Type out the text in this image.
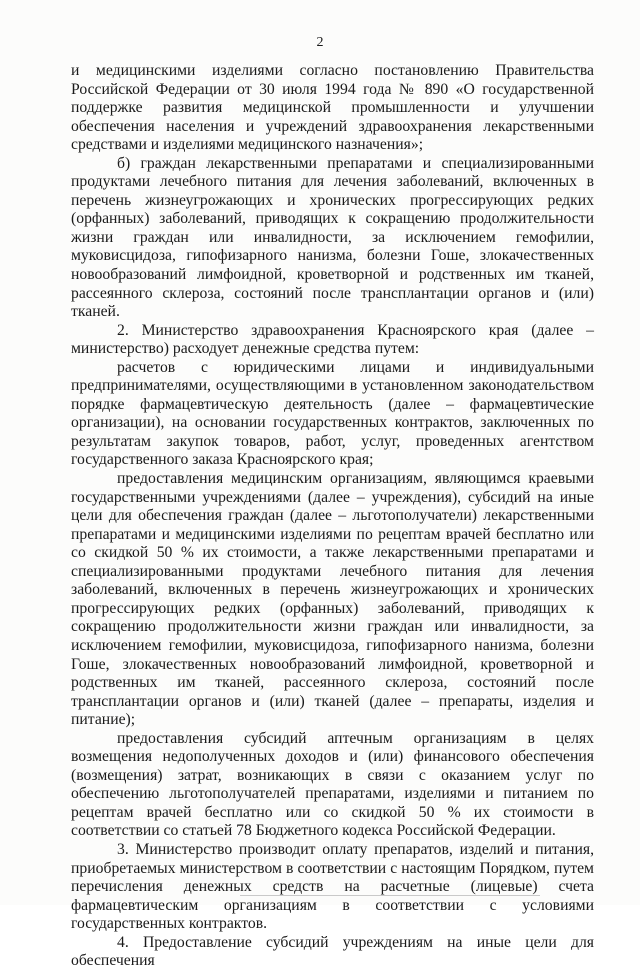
2

и медицинскими изделиями согласно постановлению Правительства Российской Федерации от 30 июля 1994 года № 890 «О государственной поддержке развития медицинской промышленности и улучшении обеспечения населения и учреждений здравоохранения лекарственными средствами и изделиями медицинского назначения»;

б) граждан лекарственными препаратами и специализированными продуктами лечебного питания для лечения заболеваний, включенных в перечень жизнеугрожающих и хронических прогрессирующих редких (орфанных) заболеваний, приводящих к сокращению продолжительности жизни граждан или инвалидности, за исключением гемофилии, муковисцидоза, гипофизарного нанизма, болезни Гоше, злокачественных новообразований лимфоидной, кроветворной и родственных им тканей, рассеянного склероза, состояний после трансплантации органов и (или) тканей.

2. Министерство здравоохранения Красноярского края (далее – министерство) расходует денежные средства путем:

расчетов с юридическими лицами и индивидуальными предпринимателями, осуществляющими в установленном законодательством порядке фармацевтическую деятельность (далее – фармацевтические организации), на основании государственных контрактов, заключенных по результатам закупок товаров, работ, услуг, проведенных агентством государственного заказа Красноярского края;

предоставления медицинским организациям, являющимся краевыми государственными учреждениями (далее – учреждения), субсидий на иные цели для обеспечения граждан (далее – льготополучатели) лекарственными препаратами и медицинскими изделиями по рецептам врачей бесплатно или со скидкой 50 % их стоимости, а также лекарственными препаратами и специализированными продуктами лечебного питания для лечения заболеваний, включенных в перечень жизнеугрожающих и хронических прогрессирующих редких (орфанных) заболеваний, приводящих к сокращению продолжительности жизни граждан или инвалидности, за исключением гемофилии, муковисцидоза, гипофизарного нанизма, болезни Гоше, злокачественных новообразований лимфоидной, кроветворной и родственных им тканей, рассеянного склероза, состояний после трансплантации органов и (или) тканей (далее – препараты, изделия и питание);

предоставления субсидий аптечным организациям в целях возмещения недополученных доходов и (или) финансового обеспечения (возмещения) затрат, возникающих в связи с оказанием услуг по обеспечению льготополучателей препаратами, изделиями и питанием по рецептам врачей бесплатно или со скидкой 50 % их стоимости в соответствии со статьей 78 Бюджетного кодекса Российской Федерации.

3. Министерство производит оплату препаратов, изделий и питания, приобретаемых министерством в соответствии с настоящим Порядком, путем перечисления денежных средств на расчетные (лицевые) счета фармацевтическим организациям в соответствии с условиями государственных контрактов.

4. Предоставление субсидий учреждениям на иные цели для обеспечения
